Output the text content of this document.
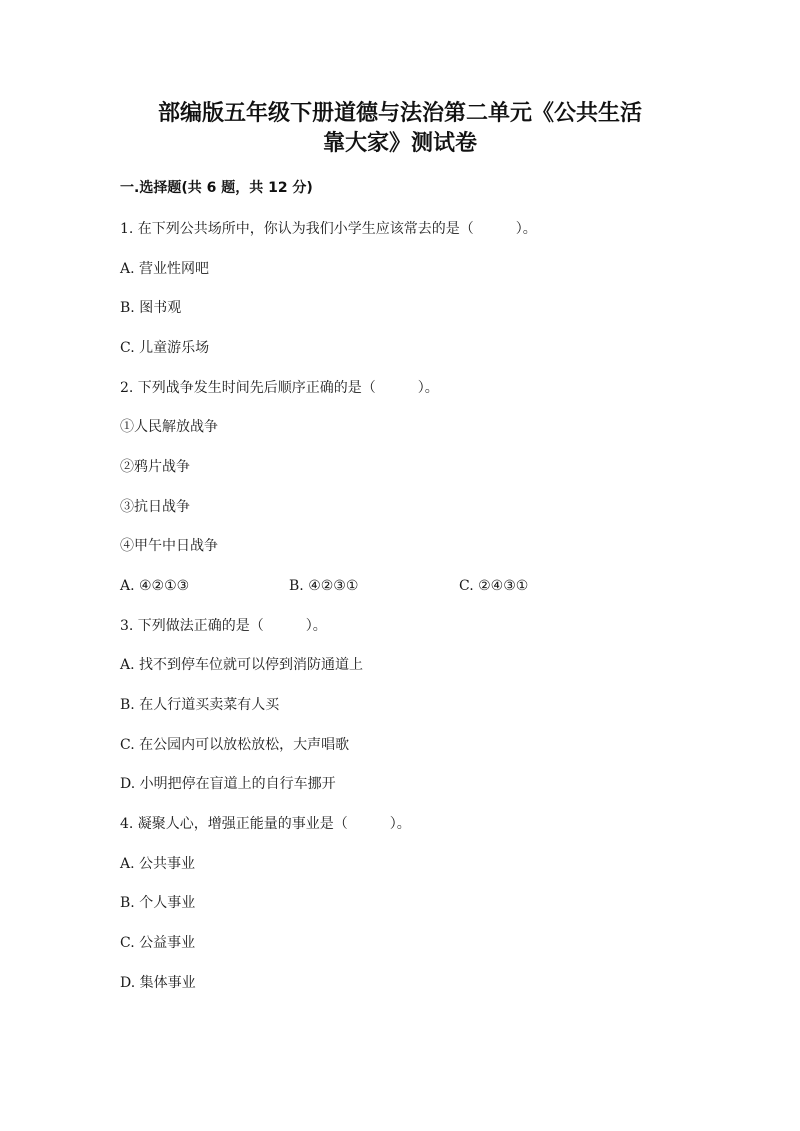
部编版五年级下册道德与法治第二单元《公共生活
靠大家》测试卷
一.选择题(共 6 题，共 12 分)
1. 在下列公共场所中，你认为我们小学生应该常去的是（　　　）。
A. 营业性网吧
B. 图书观
C. 儿童游乐场
2. 下列战争发生时间先后顺序正确的是（　　　）。
①人民解放战争
②鸦片战争
③抗日战争
④甲午中日战争
A. ④②①③	B. ④②③①	C. ②④③①
3. 下列做法正确的是（　　　）。
A. 找不到停车位就可以停到消防通道上
B. 在人行道买卖菜有人买
C. 在公园内可以放松放松，大声唱歌
D. 小明把停在盲道上的自行车挪开
4. 凝聚人心，增强正能量的事业是（　　　）。
A. 公共事业
B. 个人事业
C. 公益事业
D. 集体事业
